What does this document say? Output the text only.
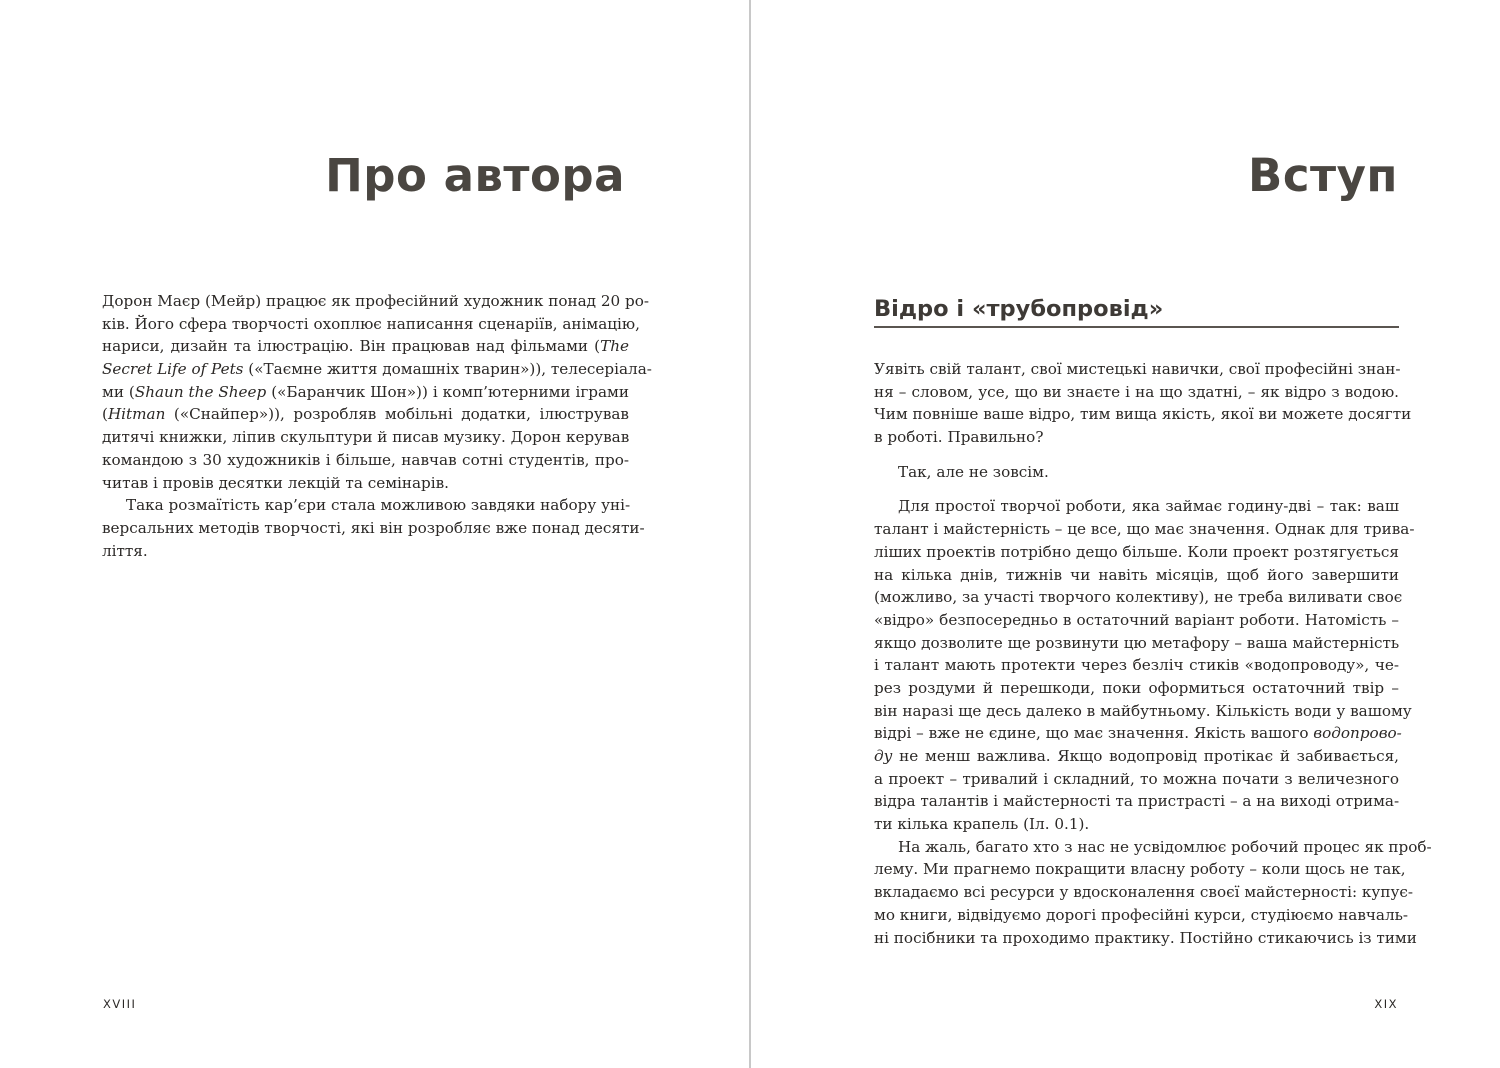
Про автора
Дорон Маєр (Мейр) працює як професійний художник понад 20 ро-
ків. Його сфера творчості охоплює написання сценаріїв, анімацію,
нариси, дизайн та ілюстрацію. Він працював над фільмами (The
Secret Life of Pets («Таємне життя домашніх тварин»)), телесеріала-
ми (Shaun the Sheep («Баранчик Шон»)) і комп’ютерними іграми
(Hitman («Снайпер»)), розробляв мобільні додатки, ілюстрував
дитячі книжки, ліпив скульптури й писав музику. Дорон керував
командою з 30 художників і більше, навчав сотні студентів, про-
читав і провів десятки лекцій та семінарів.
Така розмаїтість кар’єри стала можливою завдяки набору уні-
версальних методів творчості, які він розробляє вже понад десяти-
ліття.
XVIII
Вступ
Відро і «трубопровід»
Уявіть свій талант, свої мистецькі навички, свої професійні знан-
ня – словом, усе, що ви знаєте і на що здатні, – як відро з водою.
Чим повніше ваше відро, тим вища якість, якої ви можете досягти
в роботі. Правильно?
Так, але не зовсім.
Для простої творчої роботи, яка займає годину-дві – так: ваш
талант і майстерність – це все, що має значення. Однак для трива-
ліших проектів потрібно дещо більше. Коли проект розтягується
на кілька днів, тижнів чи навіть місяців, щоб його завершити
(можливо, за участі творчого колективу), не треба виливати своє
«відро» безпосередньо в остаточний варіант роботи. Натомість –
якщо дозволите ще розвинути цю метафору – ваша майстерність
і талант мають протекти через безліч стиків «водопроводу», че-
рез роздуми й перешкоди, поки оформиться остаточний твір –
він наразі ще десь далеко в майбутньому. Кількість води у вашому
відрі – вже не єдине, що має значення. Якість вашого водопрово-
ду не менш важлива. Якщо водопровід протікає й забивається,
а проект – тривалий і складний, то можна почати з величезного
відра талантів і майстерності та пристрасті – а на виході отрима-
ти кілька крапель (Іл. 0.1).
На жаль, багато хто з нас не усвідомлює робочий процес як проб-
лему. Ми прагнемо покращити власну роботу – коли щось не так,
вкладаємо всі ресурси у вдосконалення своєї майстерності: купує-
мо книги, відвідуємо дорогі професійні курси, студіюємо навчаль-
ні посібники та проходимо практику. Постійно стикаючись із тими
XIX
